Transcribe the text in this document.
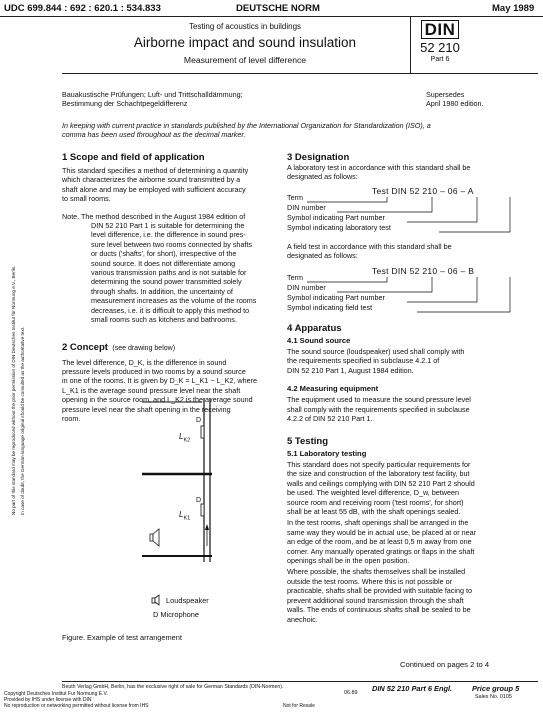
UDC 699.844 : 692 : 620.1 : 534.833	DEUTSCHE NORM	May 1989
Testing of acoustics in buildings
Airborne impact and sound insulation
Measurement of level difference
DIN
52 210
Part 6
Bauakustische Prüfungen; Luft- und Trittschalldämmung;
Bestimmung der Schachtpegeldifferenz
Supersedes
April 1980 edition.
In keeping with current practice in standards published by the International Organization for Standardization (ISO), a
comma has been used throughout as the decimal marker.
No part of this standard may be reproduced without the prior permission of DIN Deutsches Institut für Normung e.V., Berlin. In case of doubt, the German-language original should be consulted as the authoritative text.
1 Scope and field of application
This standard specifies a method of determining a quantity
which characterizes the airborne sound transmitted by a
shaft alone and may be employed with sufficient accuracy
to small rooms.
Note. The method described in the August 1984 edition of
DIN 52 210 Part 1 is suitable for determining the
level difference, i.e. the difference in sound pres-
sure level between two rooms connected by shafts
or ducts ('shafts', for short), irrespective of the
sound source. It does not differentiate among
various transmission paths and is not suitable for
determining the sound power transmitted solely
through shafts. In addition, the uncertainty of
measurement increases as the volume of the rooms
decreases, i.e. it is difficult to apply this method to
small rooms such as kitchens and bathrooms.
2 Concept (see drawing below)
The level difference, D_K, is the difference in sound
pressure levels produced in two rooms by a sound source
in one of the rooms. It is given by D_K = L_K1 − L_K2, where
L_K1 is the average sound pressure level near the shaft
opening in the source room, and L_K2 is the average sound
pressure level near the shaft opening in the receiving
room.	D
$L_{K2}$
D
$L_{K1}$
Loudspeaker
D Microphone
Figure. Example of test arrangement
3 Designation
A laboratory test in accordance with this standard shall be
designated as follows:
Test DIN 52 210 – 06 – A
Term
DIN number
Symbol indicating Part number
Symbol indicating laboratory test
A field test in accordance with this standard shall be
designated as follows:
Test DIN 52 210 – 06 – B
Term
DIN number
Symbol indicating Part number
Symbol indicating field test
4 Apparatus
4.1 Sound source
The sound source (loudspeaker) used shall comply with
the requirements specified in subclause 4.2.1 of
DIN 52 210 Part 1, August 1984 edition.
4.2 Measuring equipment
The equipment used to measure the sound pressure level
shall comply with the requirements specified in subclause
4.2.2 of DIN 52 210 Part 1.
5 Testing
5.1 Laboratory testing
This standard does not specify particular requirements for
the size and construction of the laboratory test facility, but
walls and ceilings complying with DIN 52 210 Part 2 should
be used. The weighted level difference, D_w, between
source room and receiving room ('test rooms', for short)
shall be at least 55 dB, with the shaft openings sealed.
In the test rooms, shaft openings shall be arranged in the
same way they would be in actual use, be placed at or near
an edge of the room, and be at least 0,5 m away from one
corner. Any manually operated gratings or flaps in the shaft
openings shall be in the open position.
Where possible, the shafts themselves shall be installed
outside the test rooms. Where this is not possible or
practicable, shafts shall be provided with suitable facing to
prevent additional sound transmission through the shaft
walls. The ends of continuous shafts shall be sealed to be
anechoic.
Continued on pages 2 to 4
Beuth Verlag GmbH, Berlin, has the exclusive right of sale for German Standards (DIN-Normen).
Copyright Deutsches Institut Fur Normung E.V.
Provided by IHS under license with DIN
No reproduction or networking permitted without license from IHS	Not for Resale
DIN 52 210 Part 6 Engl.	Price group 5
Sales No. 0105
06.89
